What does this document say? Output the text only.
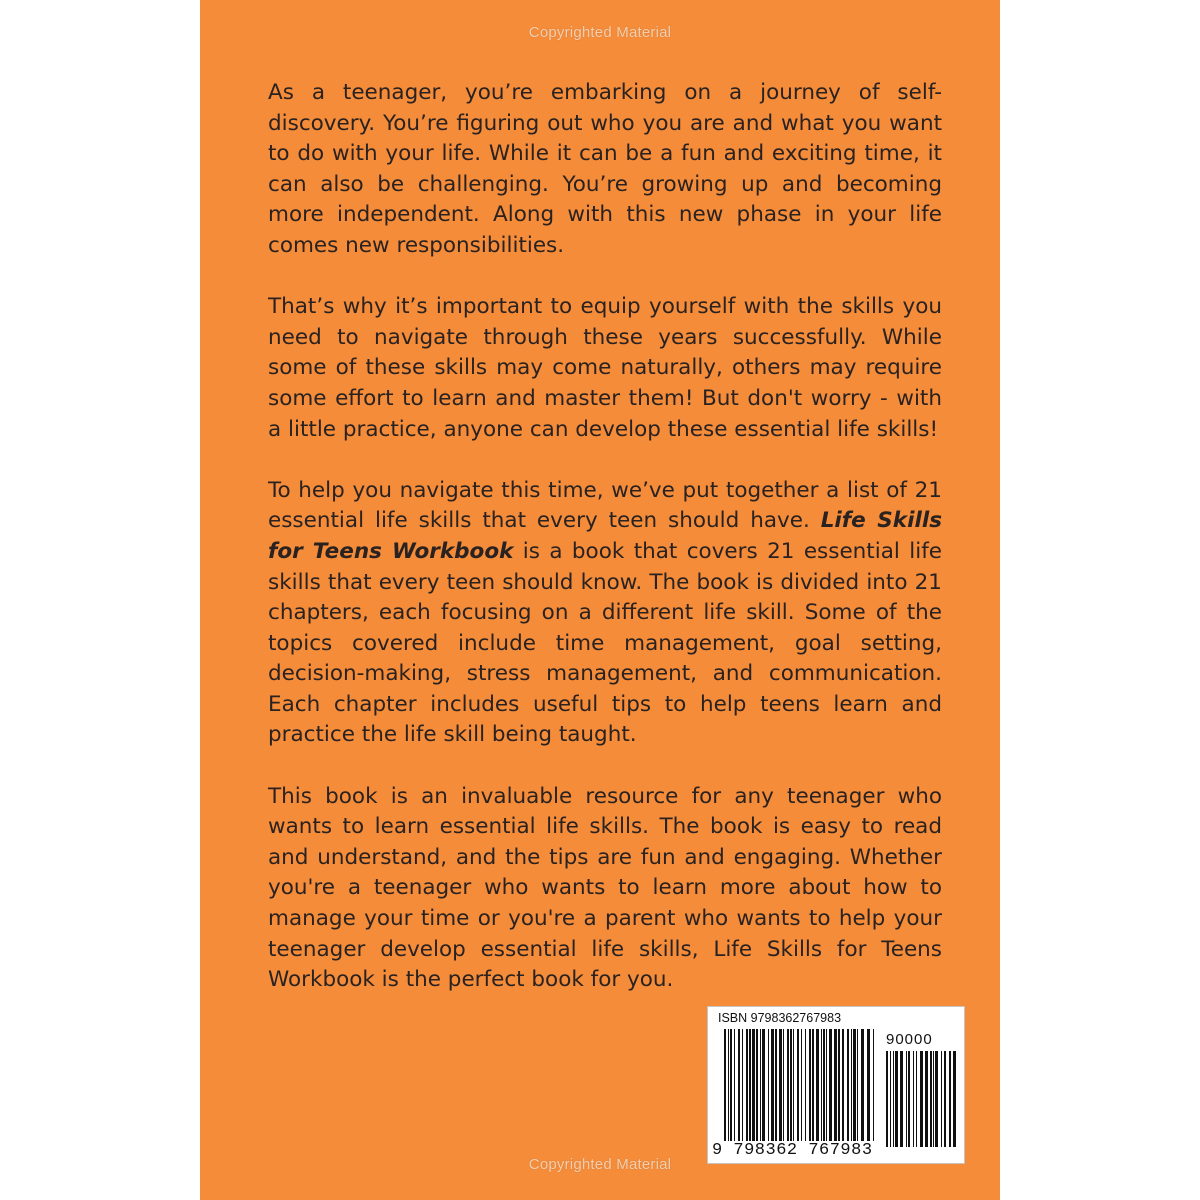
Copyrighted Material

As a teenager, you’re embarking on a journey of self-discovery. You’re figuring out who you are and what you want to do with your life. While it can be a fun and exciting time, it can also be challenging. You’re growing up and becoming more independent. Along with this new phase in your life comes new responsibilities.

That’s why it’s important to equip yourself with the skills you need to navigate through these years successfully. While some of these skills may come naturally, others may require some effort to learn and master them! But don't worry - with a little practice, anyone can develop these essential life skills!

To help you navigate this time, we’ve put together a list of 21 essential life skills that every teen should have. Life Skills for Teens Workbook is a book that covers 21 essential life skills that every teen should know. The book is divided into 21 chapters, each focusing on a different life skill. Some of the topics covered include time management, goal setting, decision-making, stress management, and communication. Each chapter includes useful tips to help teens learn and practice the life skill being taught.

This book is an invaluable resource for any teenager who wants to learn essential life skills. The book is easy to read and understand, and the tips are fun and engaging. Whether you're a teenager who wants to learn more about how to manage your time or you're a parent who wants to help your teenager develop essential life skills, Life Skills for Teens Workbook is the perfect book for you.

ISBN 9798362767983
90000
9 798362 767983
Copyrighted Material
